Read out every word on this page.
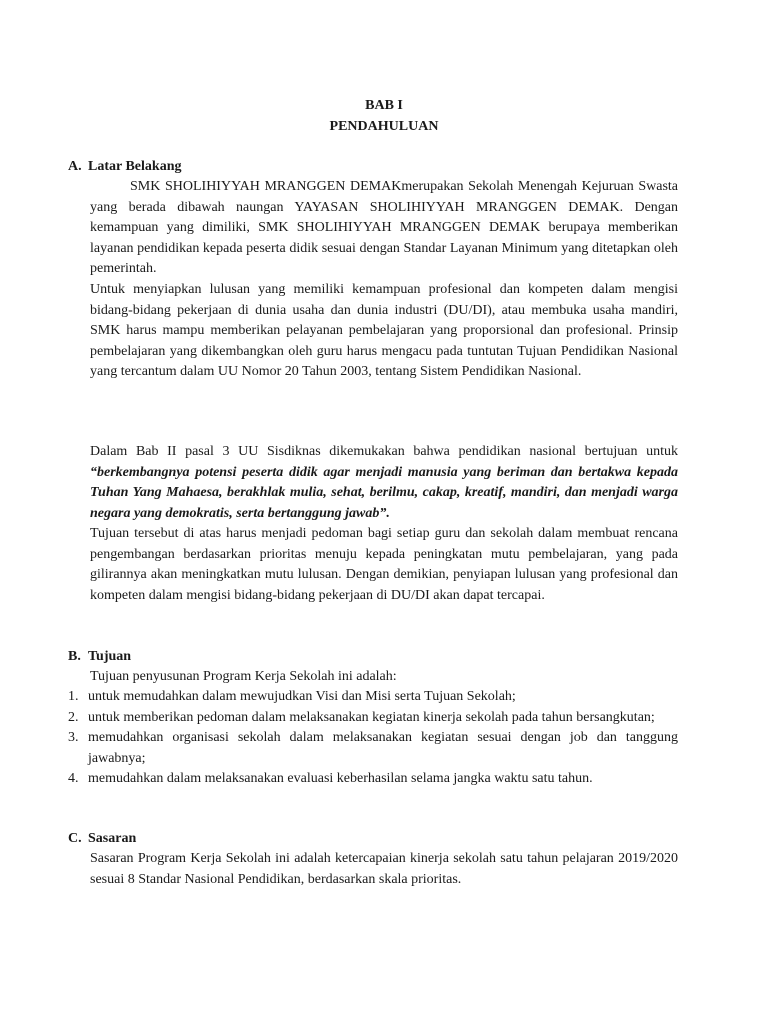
BAB I

PENDAHULUAN

A. Latar Belakang

SMK SHOLIHIYYAH MRANGGEN DEMAKmerupakan Sekolah Menengah Kejuruan Swasta yang berada dibawah naungan YAYASAN SHOLIHIYYAH MRANGGEN DEMAK. Dengan kemampuan yang dimiliki, SMK SHOLIHIYYAH MRANGGEN DEMAK berupaya memberikan layanan pendidikan kepada peserta didik sesuai dengan Standar Layanan Minimum yang ditetapkan oleh pemerintah.

Untuk menyiapkan lulusan yang memiliki kemampuan profesional dan kompeten dalam mengisi bidang-bidang pekerjaan di dunia usaha dan dunia industri (DU/DI), atau membuka usaha mandiri, SMK harus mampu memberikan pelayanan pembelajaran yang proporsional dan profesional. Prinsip pembelajaran yang dikembangkan oleh guru harus mengacu pada tuntutan Tujuan Pendidikan Nasional yang tercantum dalam UU Nomor 20 Tahun 2003, tentang Sistem Pendidikan Nasional.

Dalam Bab II pasal 3 UU Sisdiknas dikemukakan bahwa pendidikan nasional bertujuan untuk “berkembangnya potensi peserta didik agar menjadi manusia yang beriman dan bertakwa kepada Tuhan Yang Mahaesa, berakhlak mulia, sehat, berilmu, cakap, kreatif, mandiri, dan menjadi warga negara yang demokratis, serta bertanggung jawab”.

Tujuan tersebut di atas harus menjadi pedoman bagi setiap guru dan sekolah dalam membuat rencana pengembangan berdasarkan prioritas menuju kepada peningkatan mutu pembelajaran, yang pada gilirannya akan meningkatkan mutu lulusan. Dengan demikian, penyiapan lulusan yang profesional dan kompeten dalam mengisi bidang-bidang pekerjaan di DU/DI akan dapat tercapai.

B. Tujuan

Tujuan penyusunan Program Kerja Sekolah ini adalah:

1. untuk memudahkan dalam mewujudkan Visi dan Misi serta Tujuan Sekolah;
2. untuk memberikan pedoman dalam melaksanakan kegiatan kinerja sekolah pada tahun bersangkutan;
3. memudahkan organisasi sekolah dalam melaksanakan kegiatan sesuai dengan job dan tanggung jawabnya;
4. memudahkan dalam melaksanakan evaluasi keberhasilan selama jangka waktu satu tahun.

C. Sasaran

Sasaran Program Kerja Sekolah ini adalah ketercapaian kinerja sekolah satu tahun pelajaran 2019/2020 sesuai 8 Standar Nasional Pendidikan, berdasarkan skala prioritas.
